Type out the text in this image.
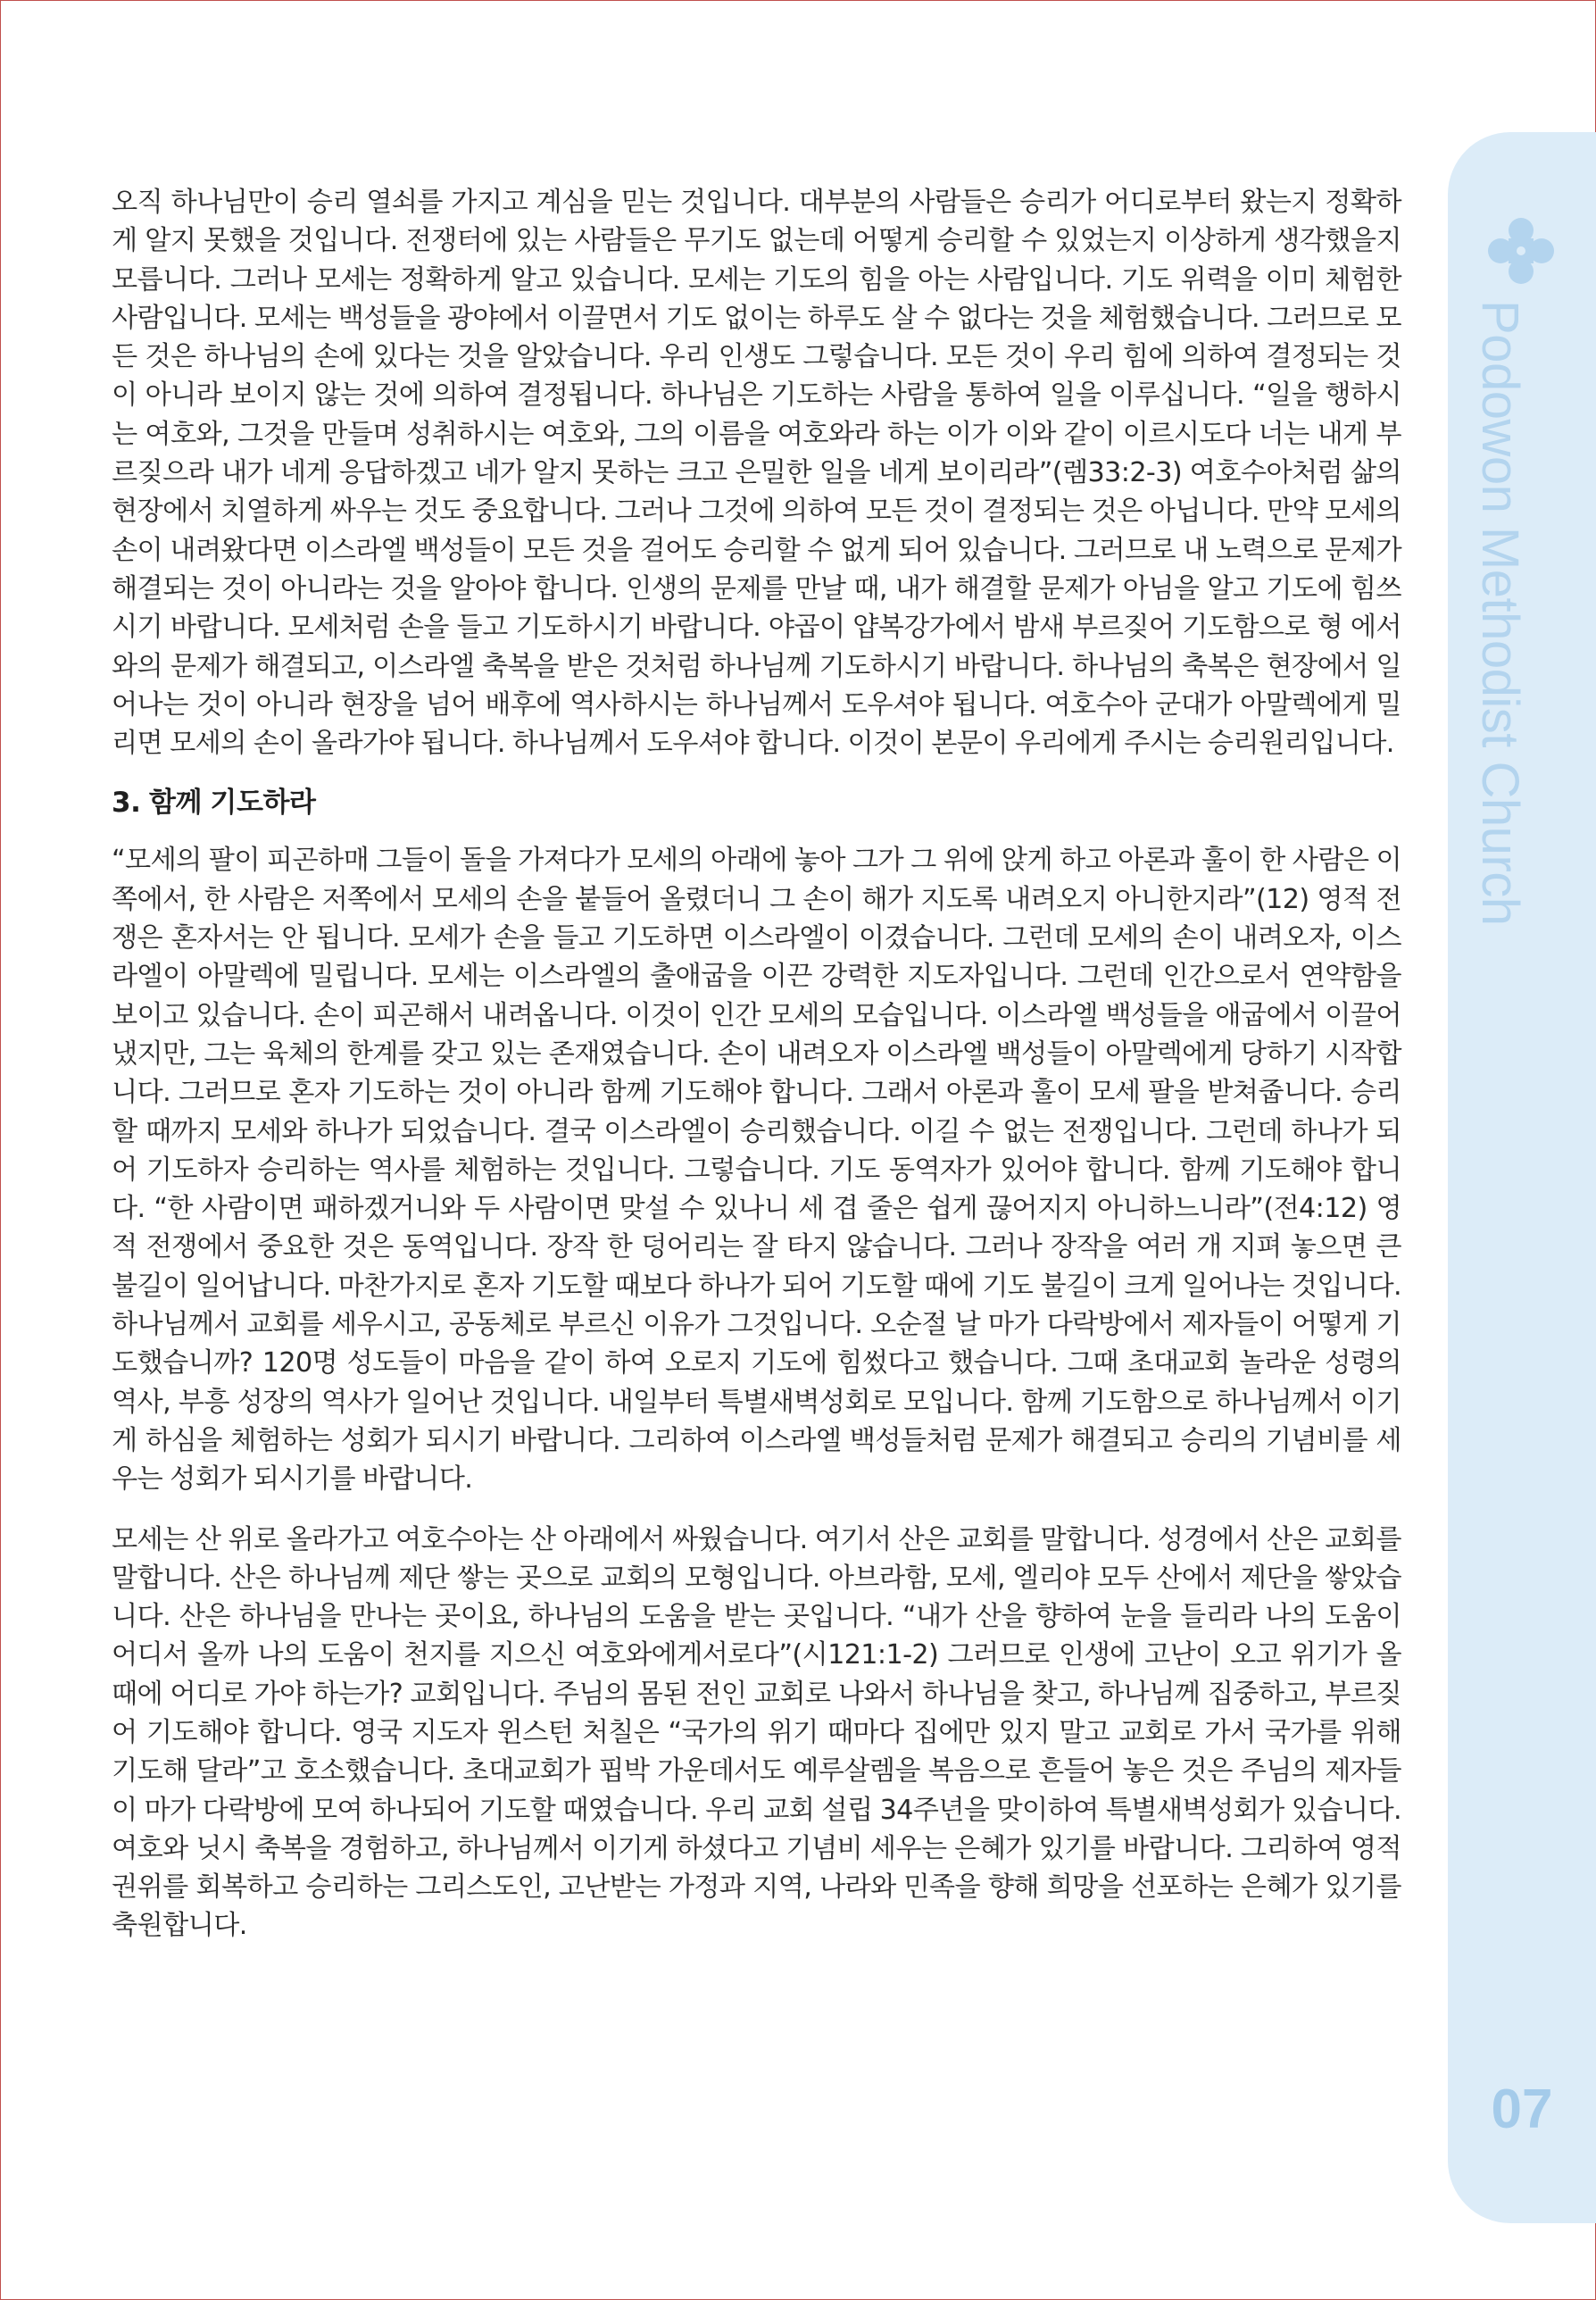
오직 하나님만이 승리 열쇠를 가지고 계심을 믿는 것입니다. 대부분의 사람들은 승리가 어디로부터 왔는지 정확하게 알지 못했을 것입니다. 전쟁터에 있는 사람들은 무기도 없는데 어떻게 승리할 수 있었는지 이상하게 생각했을지 모릅니다. 그러나 모세는 정확하게 알고 있습니다. 모세는 기도의 힘을 아는 사람입니다. 기도 위력을 이미 체험한 사람입니다. 모세는 백성들을 광야에서 이끌면서 기도 없이는 하루도 살 수 없다는 것을 체험했습니다. 그러므로 모든 것은 하나님의 손에 있다는 것을 알았습니다. 우리 인생도 그렇습니다. 모든 것이 우리 힘에 의하여 결정되는 것이 아니라 보이지 않는 것에 의하여 결정됩니다. 하나님은 기도하는 사람을 통하여 일을 이루십니다. “일을 행하시는 여호와, 그것을 만들며 성취하시는 여호와, 그의 이름을 여호와라 하는 이가 이와 같이 이르시도다 너는 내게 부르짖으라 내가 네게 응답하겠고 네가 알지 못하는 크고 은밀한 일을 네게 보이리라”(렘33:2-3) 여호수아처럼 삶의 현장에서 치열하게 싸우는 것도 중요합니다. 그러나 그것에 의하여 모든 것이 결정되는 것은 아닙니다. 만약 모세의 손이 내려왔다면 이스라엘 백성들이 모든 것을 걸어도 승리할 수 없게 되어 있습니다. 그러므로 내 노력으로 문제가 해결되는 것이 아니라는 것을 알아야 합니다. 인생의 문제를 만날 때, 내가 해결할 문제가 아님을 알고 기도에 힘쓰시기 바랍니다. 모세처럼 손을 들고 기도하시기 바랍니다. 야곱이 얍복강가에서 밤새 부르짖어 기도함으로 형 에서와의 문제가 해결되고, 이스라엘 축복을 받은 것처럼 하나님께 기도하시기 바랍니다. 하나님의 축복은 현장에서 일어나는 것이 아니라 현장을 넘어 배후에 역사하시는 하나님께서 도우셔야 됩니다. 여호수아 군대가 아말렉에게 밀리면 모세의 손이 올라가야 됩니다. 하나님께서 도우셔야 합니다. 이것이 본문이 우리에게 주시는 승리원리입니다.

3. 함께 기도하라

“모세의 팔이 피곤하매 그들이 돌을 가져다가 모세의 아래에 놓아 그가 그 위에 앉게 하고 아론과 훌이 한 사람은 이쪽에서, 한 사람은 저쪽에서 모세의 손을 붙들어 올렸더니 그 손이 해가 지도록 내려오지 아니한지라”(12) 영적 전쟁은 혼자서는 안 됩니다. 모세가 손을 들고 기도하면 이스라엘이 이겼습니다. 그런데 모세의 손이 내려오자, 이스라엘이 아말렉에 밀립니다. 모세는 이스라엘의 출애굽을 이끈 강력한 지도자입니다. 그런데 인간으로서 연약함을 보이고 있습니다. 손이 피곤해서 내려옵니다. 이것이 인간 모세의 모습입니다. 이스라엘 백성들을 애굽에서 이끌어냈지만, 그는 육체의 한계를 갖고 있는 존재였습니다. 손이 내려오자 이스라엘 백성들이 아말렉에게 당하기 시작합니다. 그러므로 혼자 기도하는 것이 아니라 함께 기도해야 합니다. 그래서 아론과 훌이 모세 팔을 받쳐줍니다. 승리할 때까지 모세와 하나가 되었습니다. 결국 이스라엘이 승리했습니다. 이길 수 없는 전쟁입니다. 그런데 하나가 되어 기도하자 승리하는 역사를 체험하는 것입니다. 그렇습니다. 기도 동역자가 있어야 합니다. 함께 기도해야 합니다. “한 사람이면 패하겠거니와 두 사람이면 맞설 수 있나니 세 겹 줄은 쉽게 끊어지지 아니하느니라”(전4:12) 영적 전쟁에서 중요한 것은 동역입니다. 장작 한 덩어리는 잘 타지 않습니다. 그러나 장작을 여러 개 지펴 놓으면 큰 불길이 일어납니다. 마찬가지로 혼자 기도할 때보다 하나가 되어 기도할 때에 기도 불길이 크게 일어나는 것입니다. 하나님께서 교회를 세우시고, 공동체로 부르신 이유가 그것입니다. 오순절 날 마가 다락방에서 제자들이 어떻게 기도했습니까? 120명 성도들이 마음을 같이 하여 오로지 기도에 힘썼다고 했습니다. 그때 초대교회 놀라운 성령의 역사, 부흥 성장의 역사가 일어난 것입니다. 내일부터 특별새벽성회로 모입니다. 함께 기도함으로 하나님께서 이기게 하심을 체험하는 성회가 되시기 바랍니다. 그리하여 이스라엘 백성들처럼 문제가 해결되고 승리의 기념비를 세우는 성회가 되시기를 바랍니다.

모세는 산 위로 올라가고 여호수아는 산 아래에서 싸웠습니다. 여기서 산은 교회를 말합니다. 성경에서 산은 교회를 말합니다. 산은 하나님께 제단 쌓는 곳으로 교회의 모형입니다. 아브라함, 모세, 엘리야 모두 산에서 제단을 쌓았습니다. 산은 하나님을 만나는 곳이요, 하나님의 도움을 받는 곳입니다. “내가 산을 향하여 눈을 들리라 나의 도움이 어디서 올까 나의 도움이 천지를 지으신 여호와에게서로다”(시121:1-2) 그러므로 인생에 고난이 오고 위기가 올 때에 어디로 가야 하는가? 교회입니다. 주님의 몸된 전인 교회로 나와서 하나님을 찾고, 하나님께 집중하고, 부르짖어 기도해야 합니다. 영국 지도자 윈스턴 처칠은 “국가의 위기 때마다 집에만 있지 말고 교회로 가서 국가를 위해 기도해 달라”고 호소했습니다. 초대교회가 핍박 가운데서도 예루살렘을 복음으로 흔들어 놓은 것은 주님의 제자들이 마가 다락방에 모여 하나되어 기도할 때였습니다. 우리 교회 설립 34주년을 맞이하여 특별새벽성회가 있습니다. 여호와 닛시 축복을 경험하고, 하나님께서 이기게 하셨다고 기념비 세우는 은혜가 있기를 바랍니다. 그리하여 영적 권위를 회복하고 승리하는 그리스도인, 고난받는 가정과 지역, 나라와 민족을 향해 희망을 선포하는 은혜가 있기를 축원합니다.

Podowon Methodist Church
07
